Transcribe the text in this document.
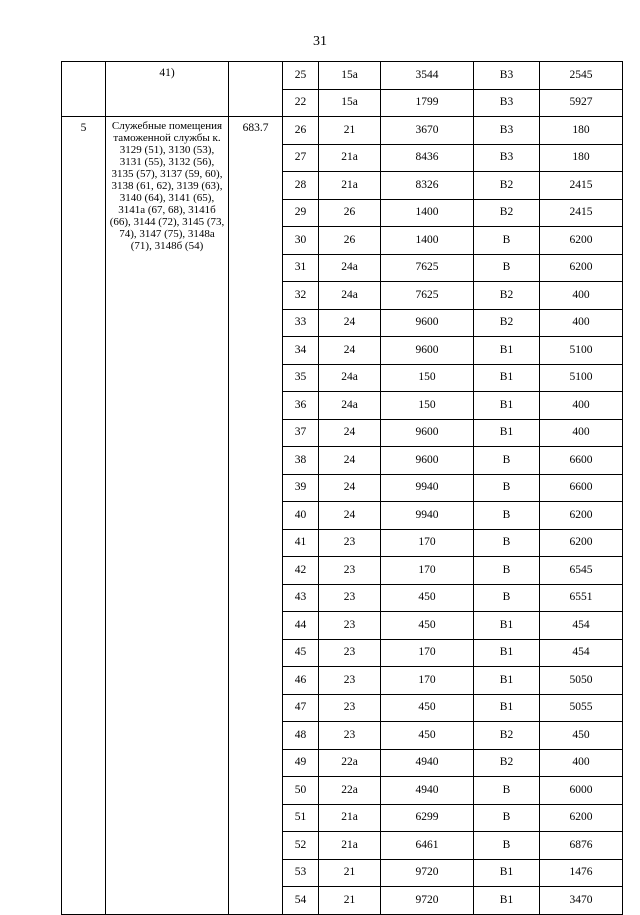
31

	41)		25	15а	3544	В3	2545
			22	15а	1799	В3	5927

5	Служебные помещения таможенной службы к. 3129 (51), 3130 (53), 3131 (55), 3132 (56), 3135 (57), 3137 (59, 60), 3138 (61, 62), 3139 (63), 3140 (64), 3141 (65), 3141а (67, 68), 3141б (66), 3144 (72), 3145 (73, 74), 3147 (75), 3148а (71), 3148б (54)	683.7	26	21	3670	В3	180
			27	21а	8436	В3	180
			28	21а	8326	В2	2415
			29	26	1400	В2	2415
			30	26	1400	В	6200
			31	24а	7625	В	6200
			32	24а	7625	В2	400
			33	24	9600	В2	400
			34	24	9600	В1	5100
			35	24а	150	В1	5100
			36	24а	150	В1	400
			37	24	9600	В1	400
			38	24	9600	В	6600
			39	24	9940	В	6600
			40	24	9940	В	6200
			41	23	170	В	6200
			42	23	170	В	6545
			43	23	450	В	6551
			44	23	450	В1	454
			45	23	170	В1	454
			46	23	170	В1	5050
			47	23	450	В1	5055
			48	23	450	В2	450
			49	22а	4940	В2	400
			50	22а	4940	В	6000
			51	21а	6299	В	6200
			52	21а	6461	В	6876
			53	21	9720	В1	1476
			54	21	9720	В1	3470
